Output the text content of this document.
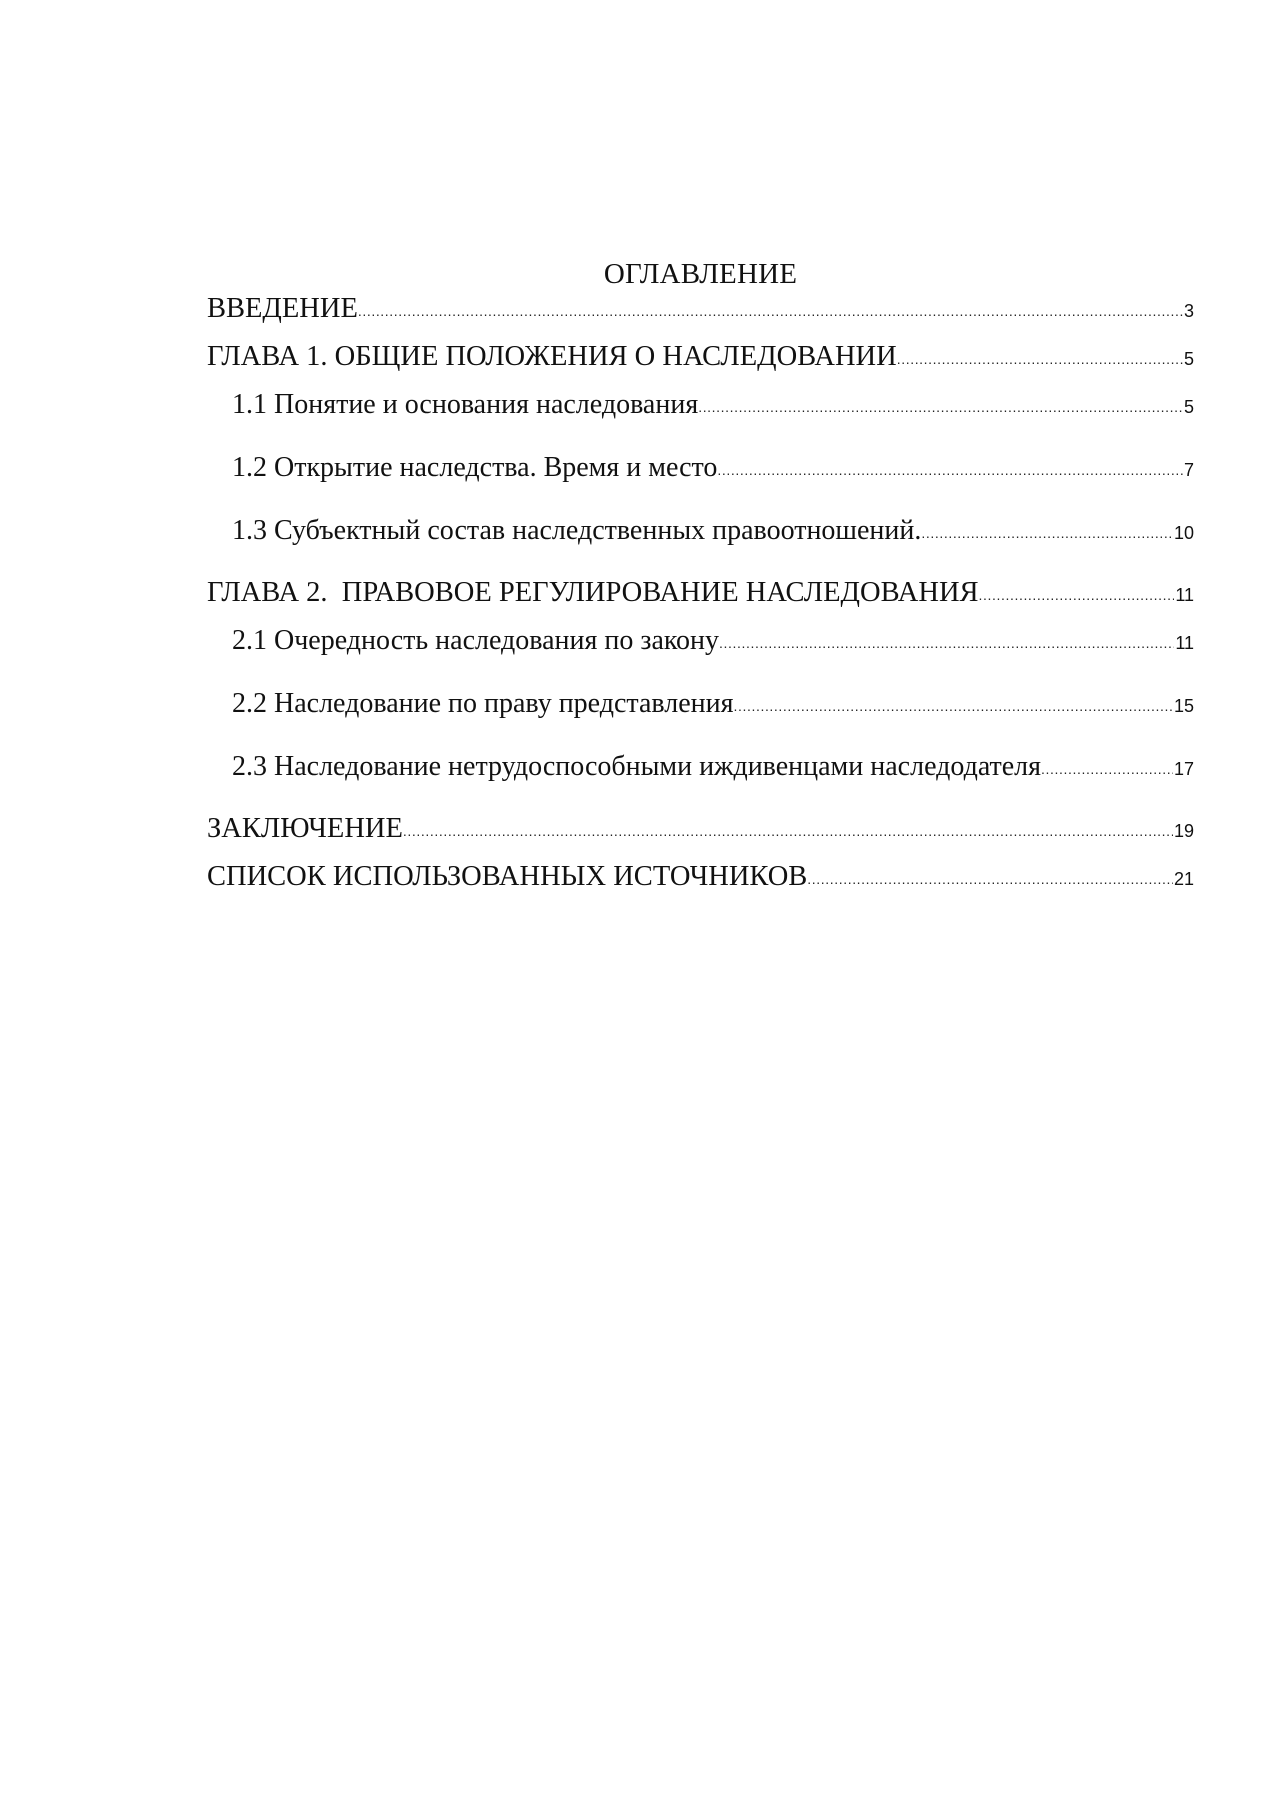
ОГЛАВЛЕНИЕ
ВВЕДЕНИЕ .....	3
ГЛАВА 1. ОБЩИЕ ПОЛОЖЕНИЯ О НАСЛЕДОВАНИИ .....	5
1.1 Понятие и основания наследования .....	5
1.2 Открытие наследства. Время и место .....	7
1.3 Субъектный состав наследственных правоотношений. .....	10
ГЛАВА 2.  ПРАВОВОЕ РЕГУЛИРОВАНИЕ НАСЛЕДОВАНИЯ .....	11
2.1 Очередность наследования по закону .....	11
2.2 Наследование по праву представления .....	15
2.3 Наследование нетрудоспособными иждивенцами наследодателя .....	17
ЗАКЛЮЧЕНИЕ .....	19
СПИСОК ИСПОЛЬЗОВАННЫХ ИСТОЧНИКОВ .....	21
